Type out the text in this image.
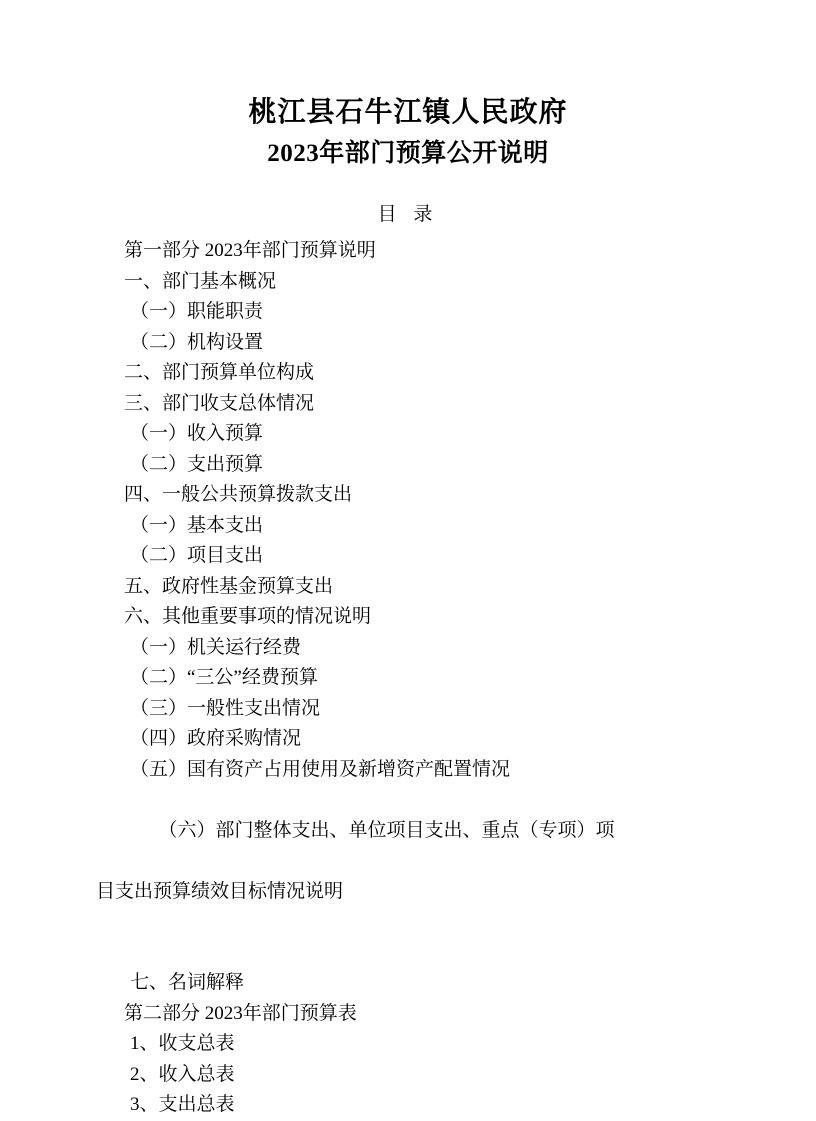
桃江县石牛江镇人民政府
2023年部门预算公开说明
目 录
第一部分 2023年部门预算说明
一、部门基本概况
（一）职能职责
（二）机构设置
二、部门预算单位构成
三、部门收支总体情况
（一）收入预算
（二）支出预算
四、一般公共预算拨款支出
（一）基本支出
（二）项目支出
五、政府性基金预算支出
六、其他重要事项的情况说明
（一）机关运行经费
（二）“三公”经费预算
（三）一般性支出情况
（四）政府采购情况
（五）国有资产占用使用及新增资产配置情况

（六）部门整体支出、单位项目支出、重点（专项）项

目支出预算绩效目标情况说明

七、名词解释
第二部分 2023年部门预算表
1、收支总表
2、收入总表
3、支出总表
